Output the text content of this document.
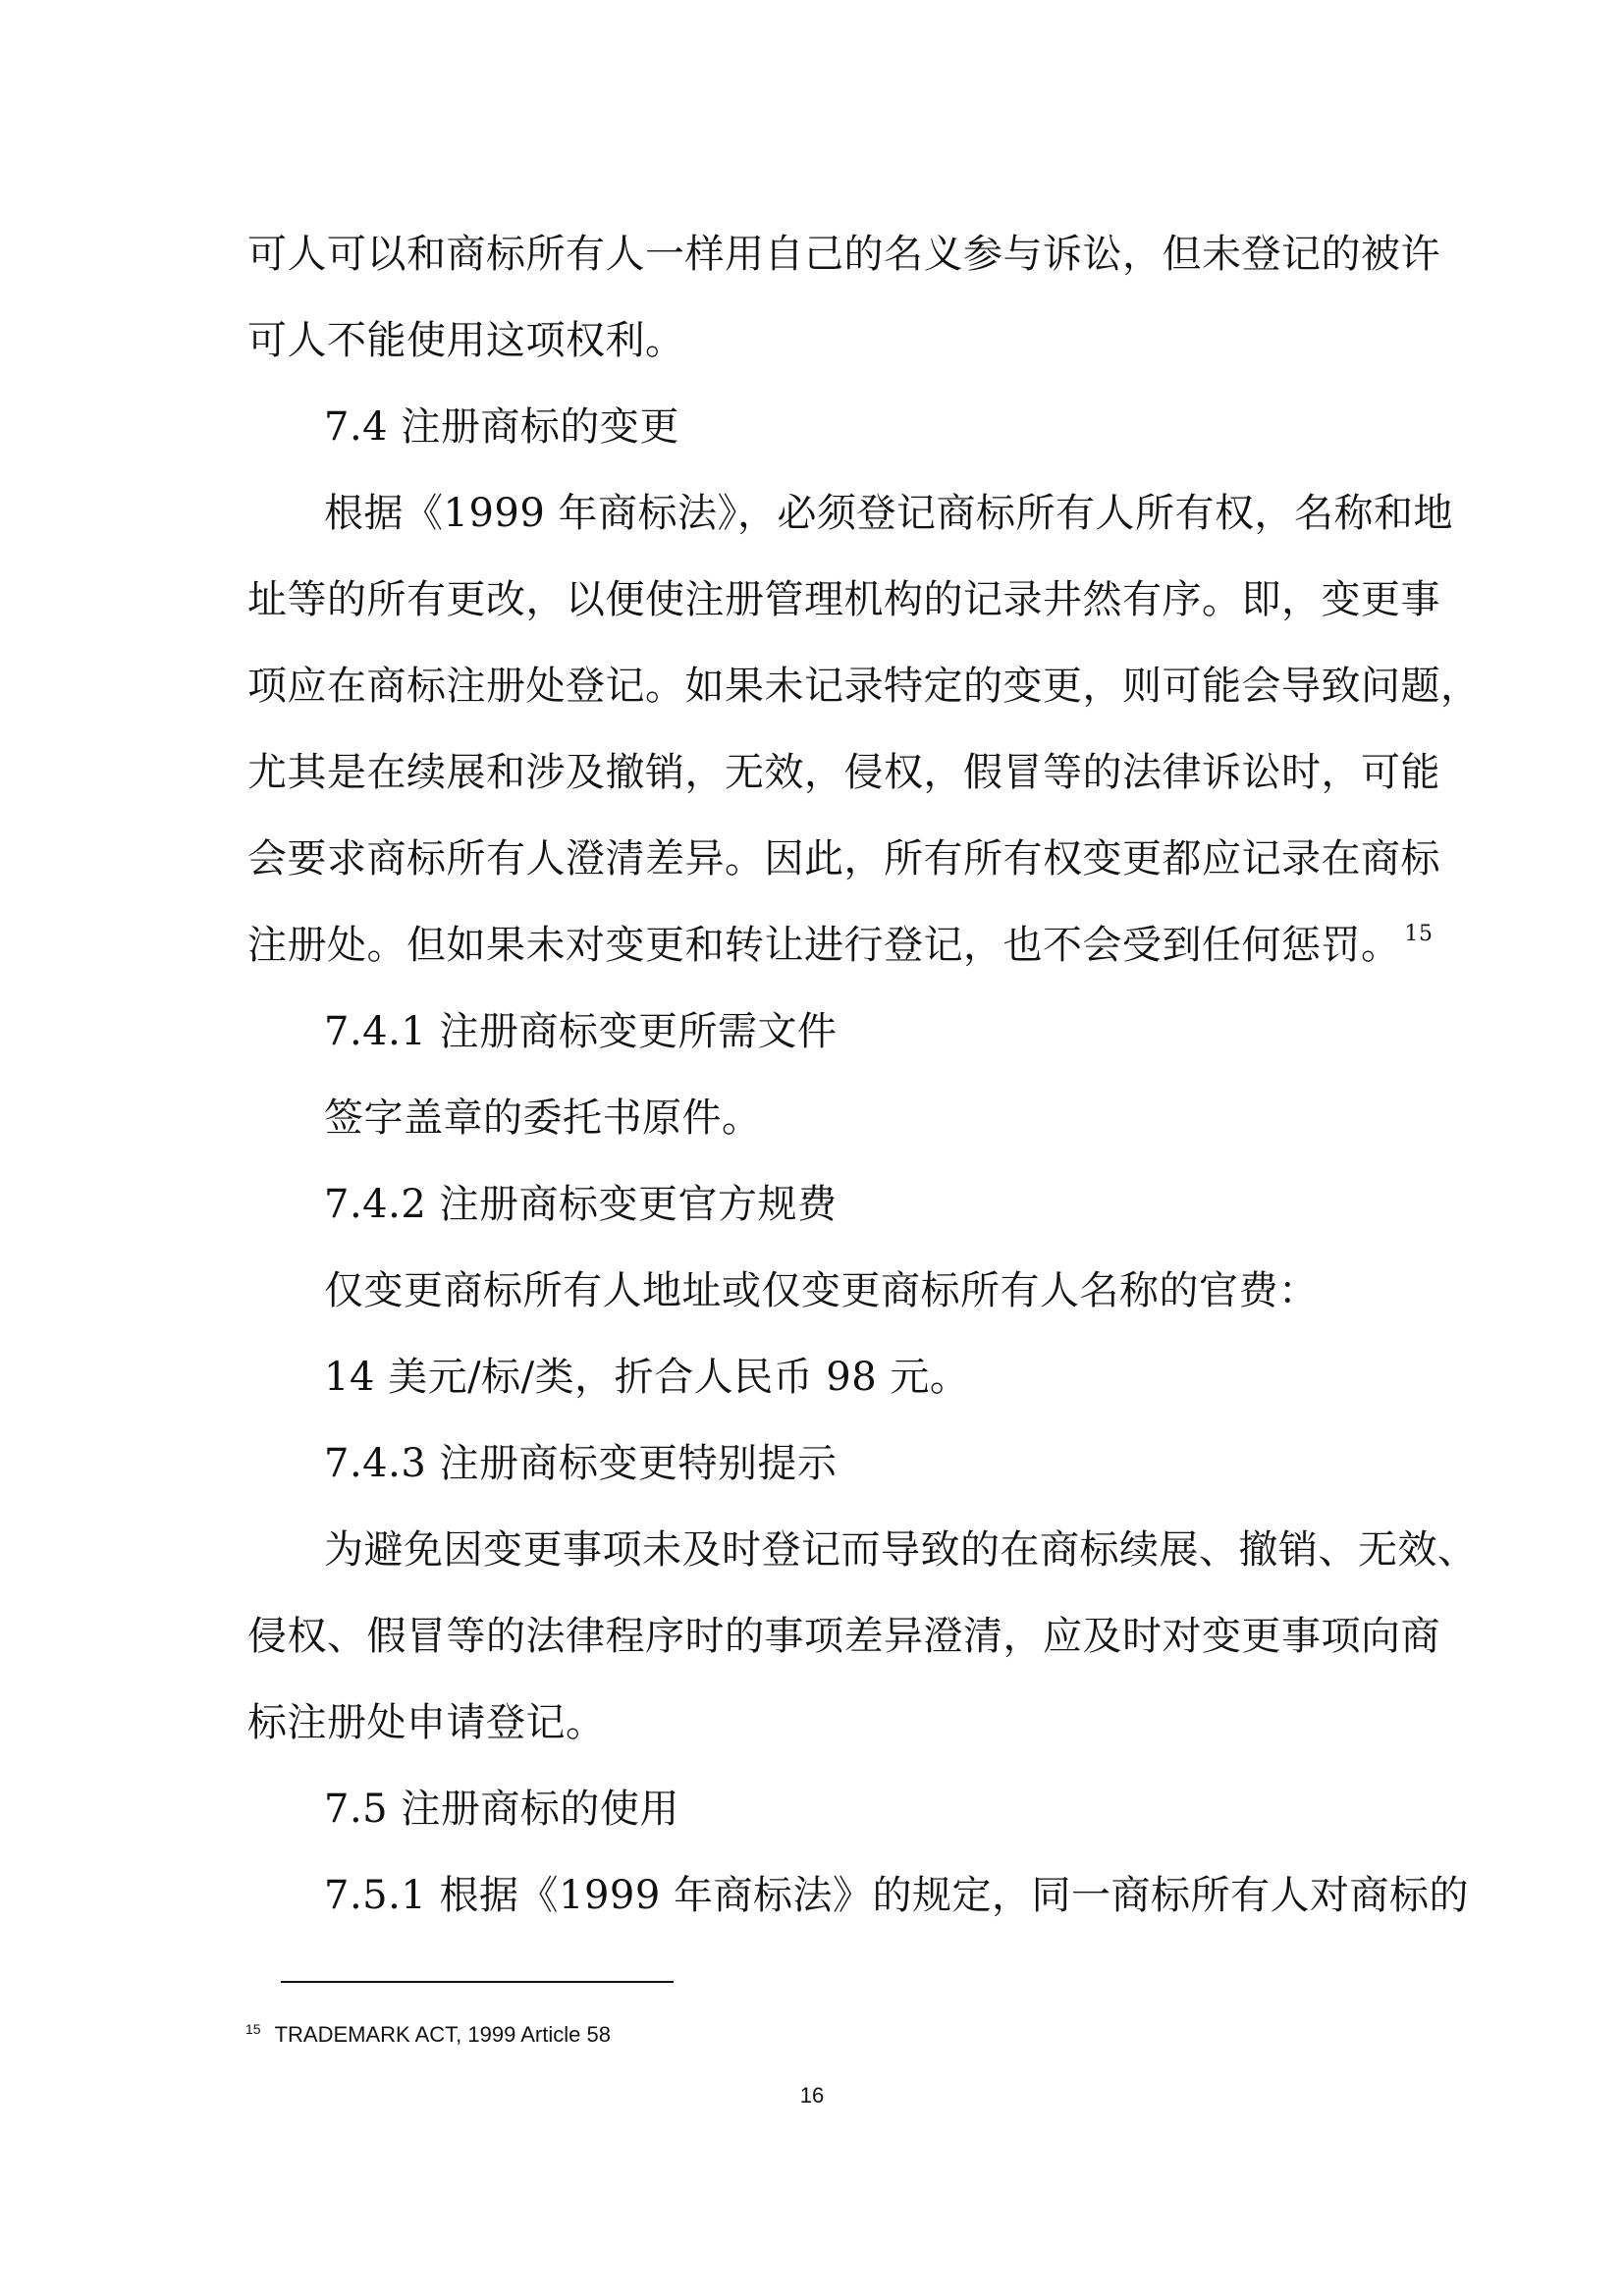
可人可以和商标所有人一样用自己的名义参与诉讼，但未登记的被许
可人不能使用这项权利。
7.4 注册商标的变更
根据《1999 年商标法》，必须登记商标所有人所有权，名称和地
址等的所有更改，以便使注册管理机构的记录井然有序。即，变更事
项应在商标注册处登记。如果未记录特定的变更，则可能会导致问题，
尤其是在续展和涉及撤销，无效，侵权，假冒等的法律诉讼时，可能
会要求商标所有人澄清差异。因此，所有所有权变更都应记录在商标
注册处。但如果未对变更和转让进行登记，也不会受到任何惩罚。 $^{15}$
7.4.1 注册商标变更所需文件
签字盖章的委托书原件。
7.4.2 注册商标变更官方规费
仅变更商标所有人地址或仅变更商标所有人名称的官费：
14 美元/标/类，折合人民币 98 元。
7.4.3 注册商标变更特别提示
为避免因变更事项未及时登记而导致的在商标续展、撤销、无效、
侵权、假冒等的法律程序时的事项差异澄清，应及时对变更事项向商
标注册处申请登记。
7.5 注册商标的使用
7.5.1 根据《1999 年商标法》的规定，同一商标所有人对商标的
$^{15}$ TRADEMARK ACT, 1999 Article 58
16
